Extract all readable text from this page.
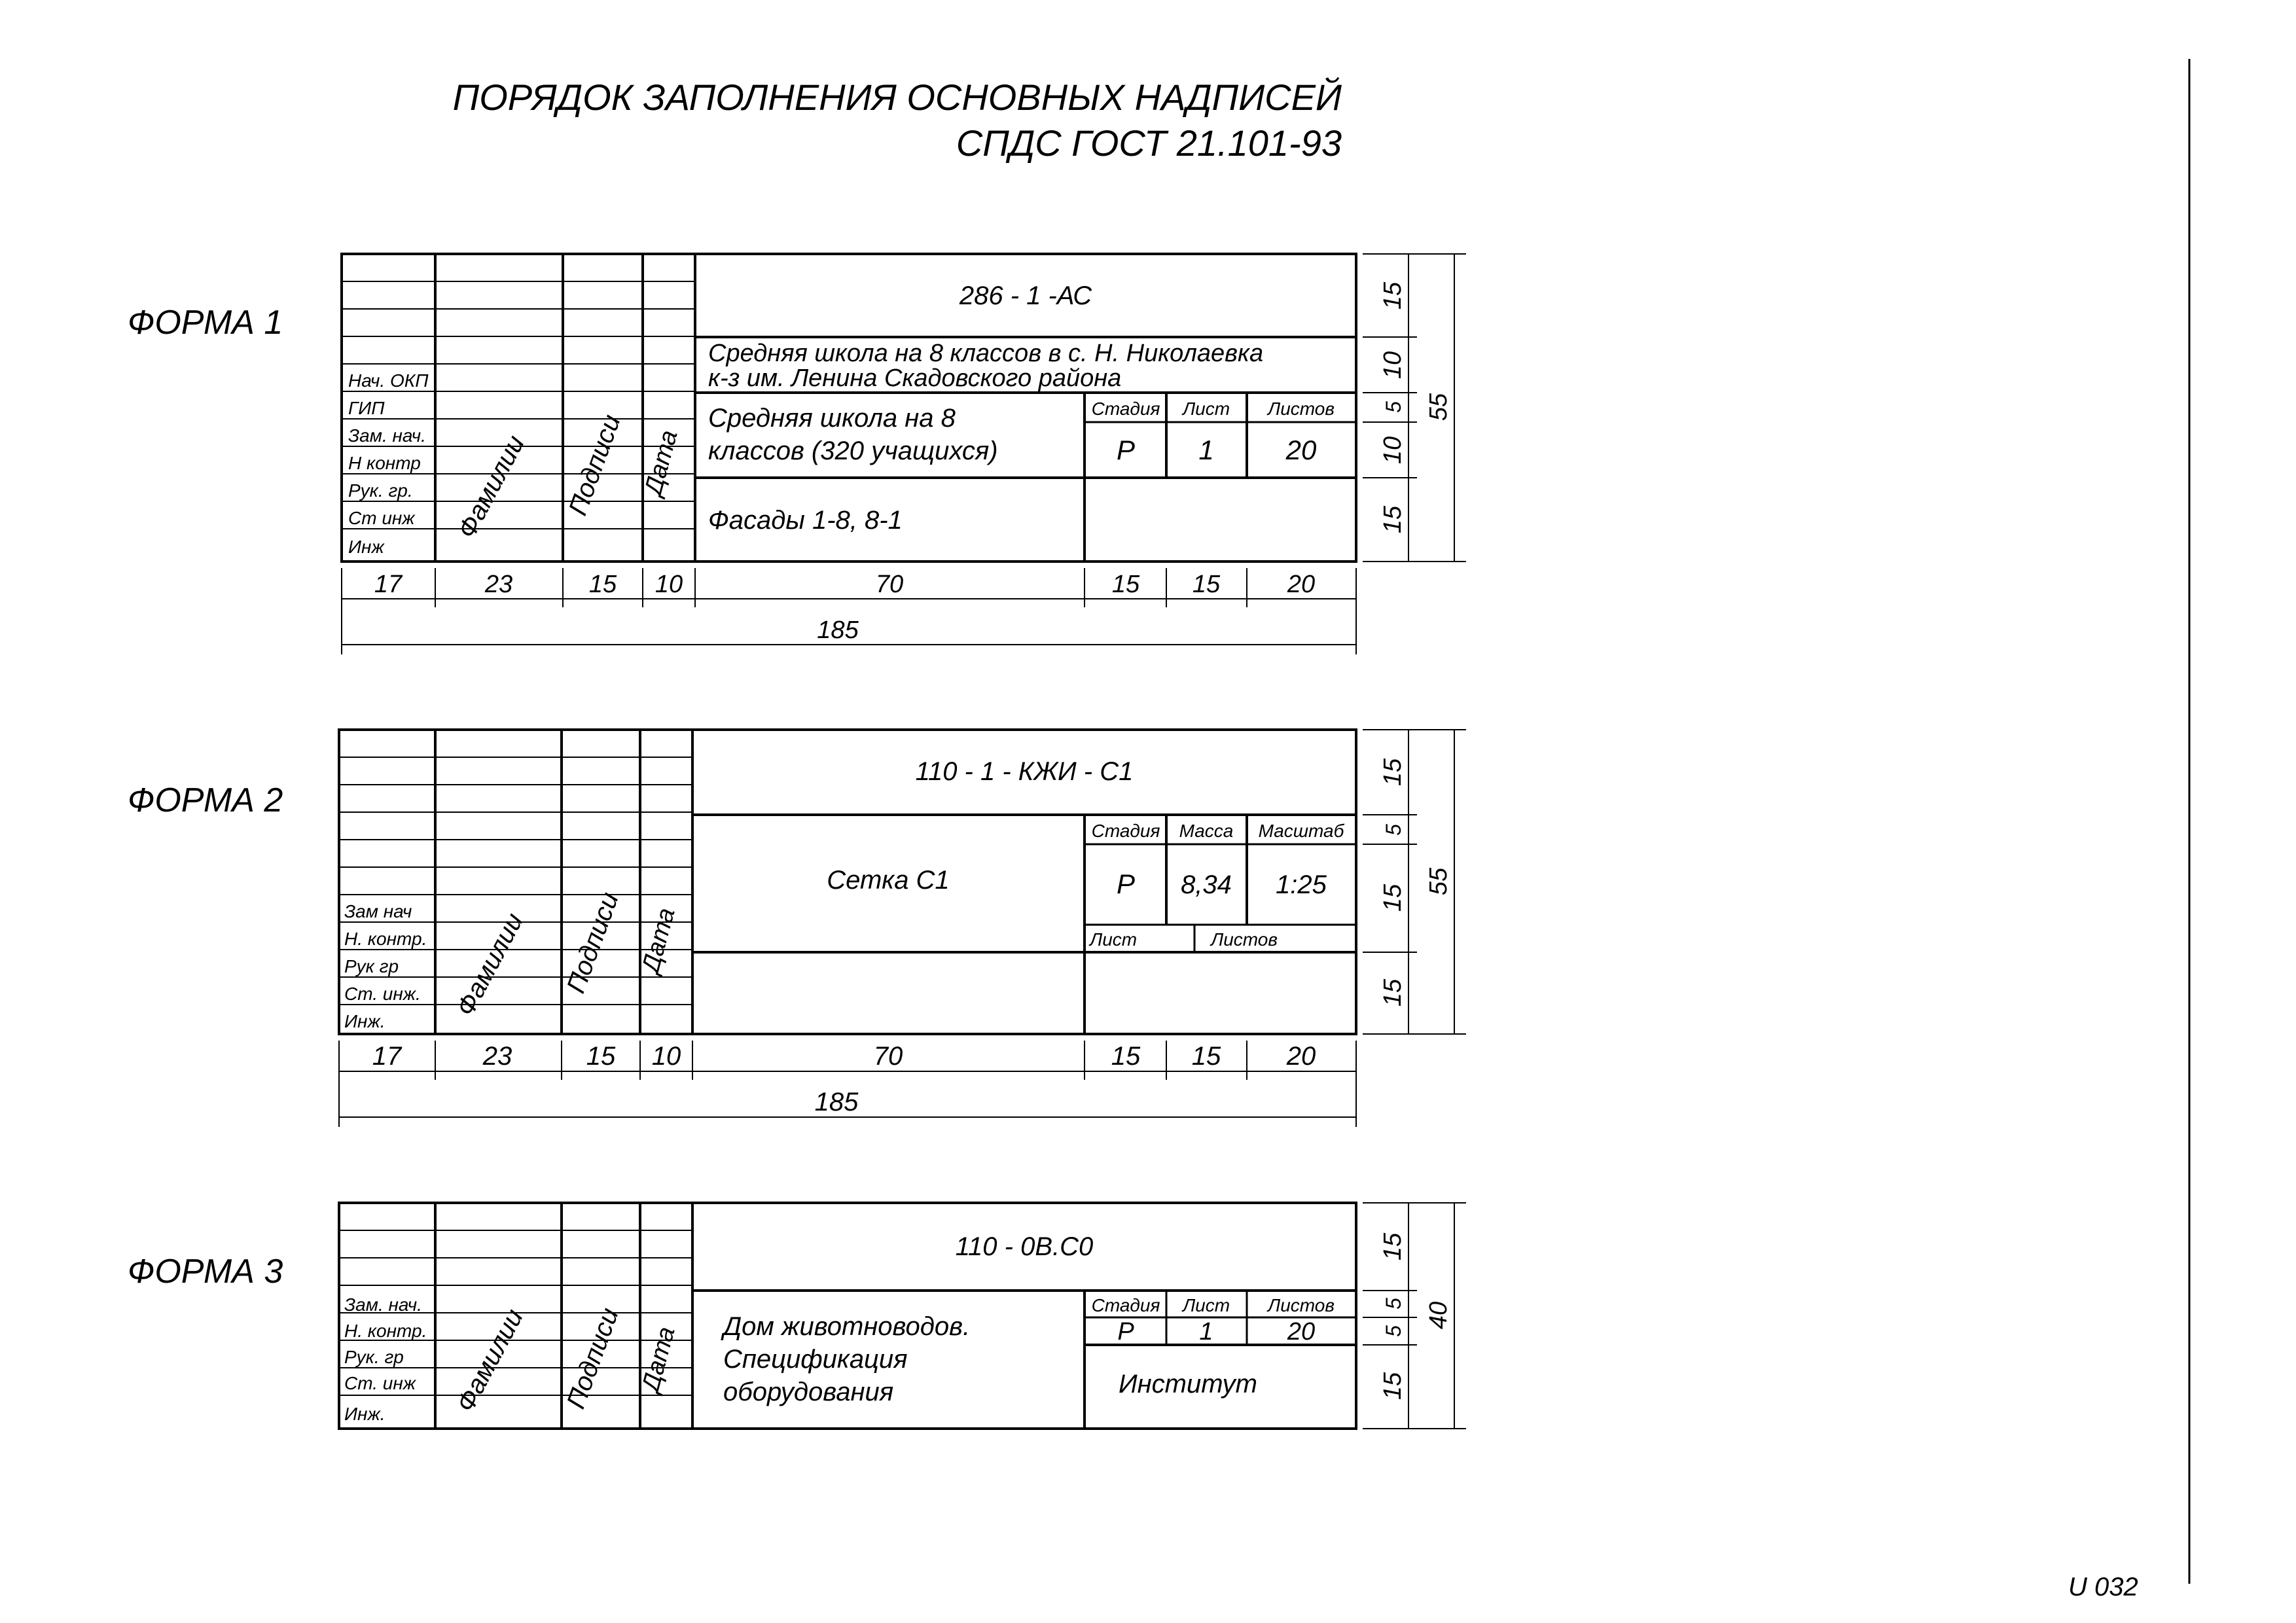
ПОРЯДОК ЗАПОЛНЕНИЯ ОСНОВНЫХ НАДПИСЕЙ
СПДС ГОСТ 21.101-93
U 032
ФОРМА 1
Нач. ОКП
ГИП
Зам. нач.
Н контр
Рук. гр.
Ст инж
Инж
Фамилии Подписи Дата
286 - 1 -АС
Средняя школа на 8 классов в с. Н. Николаевка
к-з им. Ленина Скадовского района
Средняя школа на 8
классов (320 учащихся)
Фасады 1-8, 8-1
Стадия Лист Листов
Р 1	20
17	23	15 10	70	15 15	20
185
15
10
5
10
15
55
ФОРМА 2
Зам нач
Н. контр.
Рук гр
Ст. инж.
Инж.
Фамилии Подписи Дата
110 - 1 - КЖИ - С1
Сетка С1
Стадия Масса Масштаб
Р 8,34 1:25
Лист	Листов
17	23	15 10	70	15 15	20
185
15
5
15
15
55
ФОРМА 3
Зам. нач.
Н. контр.
Рук. гр
Ст. инж
Инж.	Фамилии Подписи Дата
110 - 0В.С0
Дом животноводов.
Спецификация
оборудования
Стадия Лист Листов
Р	1	20
Институт
15
5
5
15
40
